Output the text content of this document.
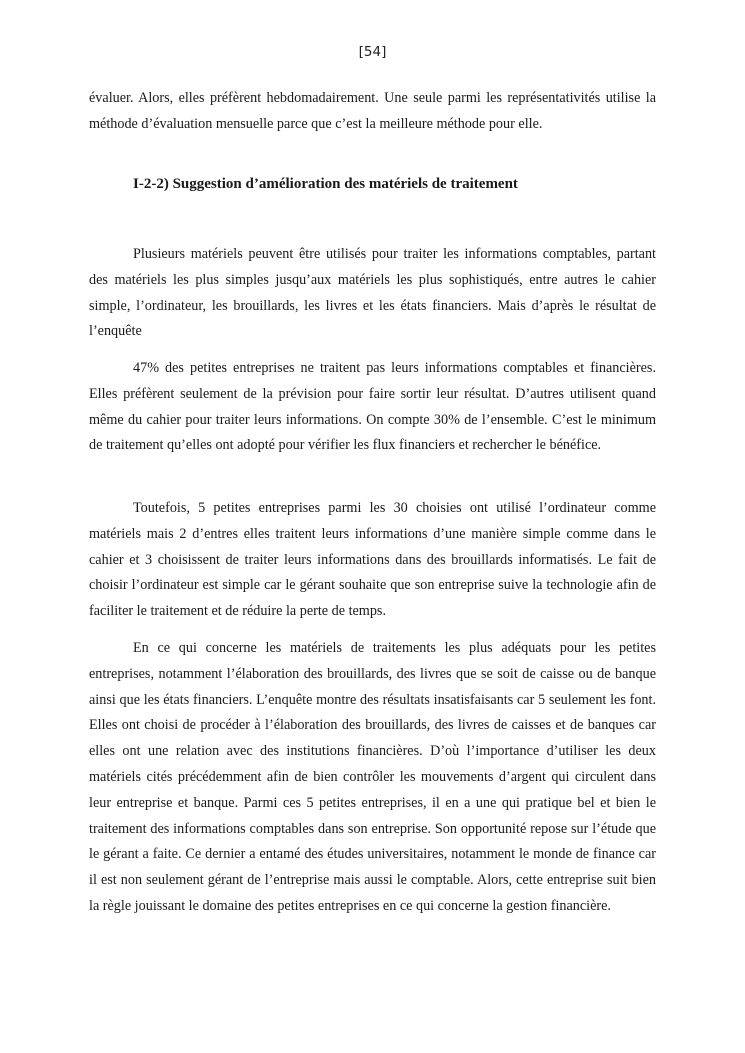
[54]

évaluer. Alors, elles préfèrent hebdomadairement. Une seule parmi les représentativités utilise la méthode d’évaluation mensuelle parce que c’est la meilleure méthode pour elle.

I-2-2) Suggestion d’amélioration des matériels de traitement

Plusieurs matériels peuvent être utilisés pour traiter les informations comptables, partant des matériels les plus simples jusqu’aux matériels les plus sophistiqués, entre autres le cahier simple, l’ordinateur, les brouillards, les livres et les états financiers. Mais d’après le résultat de l’enquête

47% des petites entreprises ne traitent pas leurs informations comptables et financières. Elles préfèrent seulement de la prévision pour faire sortir leur résultat. D’autres utilisent quand même du cahier pour traiter leurs informations. On compte 30% de l’ensemble. C’est le minimum de traitement qu’elles ont adopté pour vérifier les flux financiers et rechercher le bénéfice.

Toutefois, 5 petites entreprises parmi les 30 choisies ont utilisé l’ordinateur comme matériels mais 2 d’entres elles traitent leurs informations d’une manière simple comme dans le cahier et 3 choisissent de traiter leurs informations dans des brouillards informatisés. Le fait de choisir l’ordinateur est simple car le gérant souhaite que son entreprise suive la technologie afin de faciliter le traitement et de réduire la perte de temps.

En ce qui concerne les matériels de traitements les plus adéquats pour les petites entreprises, notamment l’élaboration des brouillards, des livres que se soit de caisse ou de banque ainsi que les états financiers. L’enquête montre des résultats insatisfaisants car 5 seulement les font. Elles ont choisi de procéder à l’élaboration des brouillards, des livres de caisses et de banques car elles ont une relation avec des institutions financières. D’où l’importance d’utiliser les deux matériels cités précédemment afin de bien contrôler les mouvements d’argent qui circulent dans leur entreprise et banque. Parmi ces 5 petites entreprises, il en a une qui pratique bel et bien le traitement des informations comptables dans son entreprise. Son opportunité repose sur l’étude que le gérant a faite. Ce dernier a entamé des études universitaires, notamment le monde de finance car il est non seulement gérant de l’entreprise mais aussi le comptable. Alors, cette entreprise suit bien la règle jouissant le domaine des petites entreprises en ce qui concerne la gestion financière.
